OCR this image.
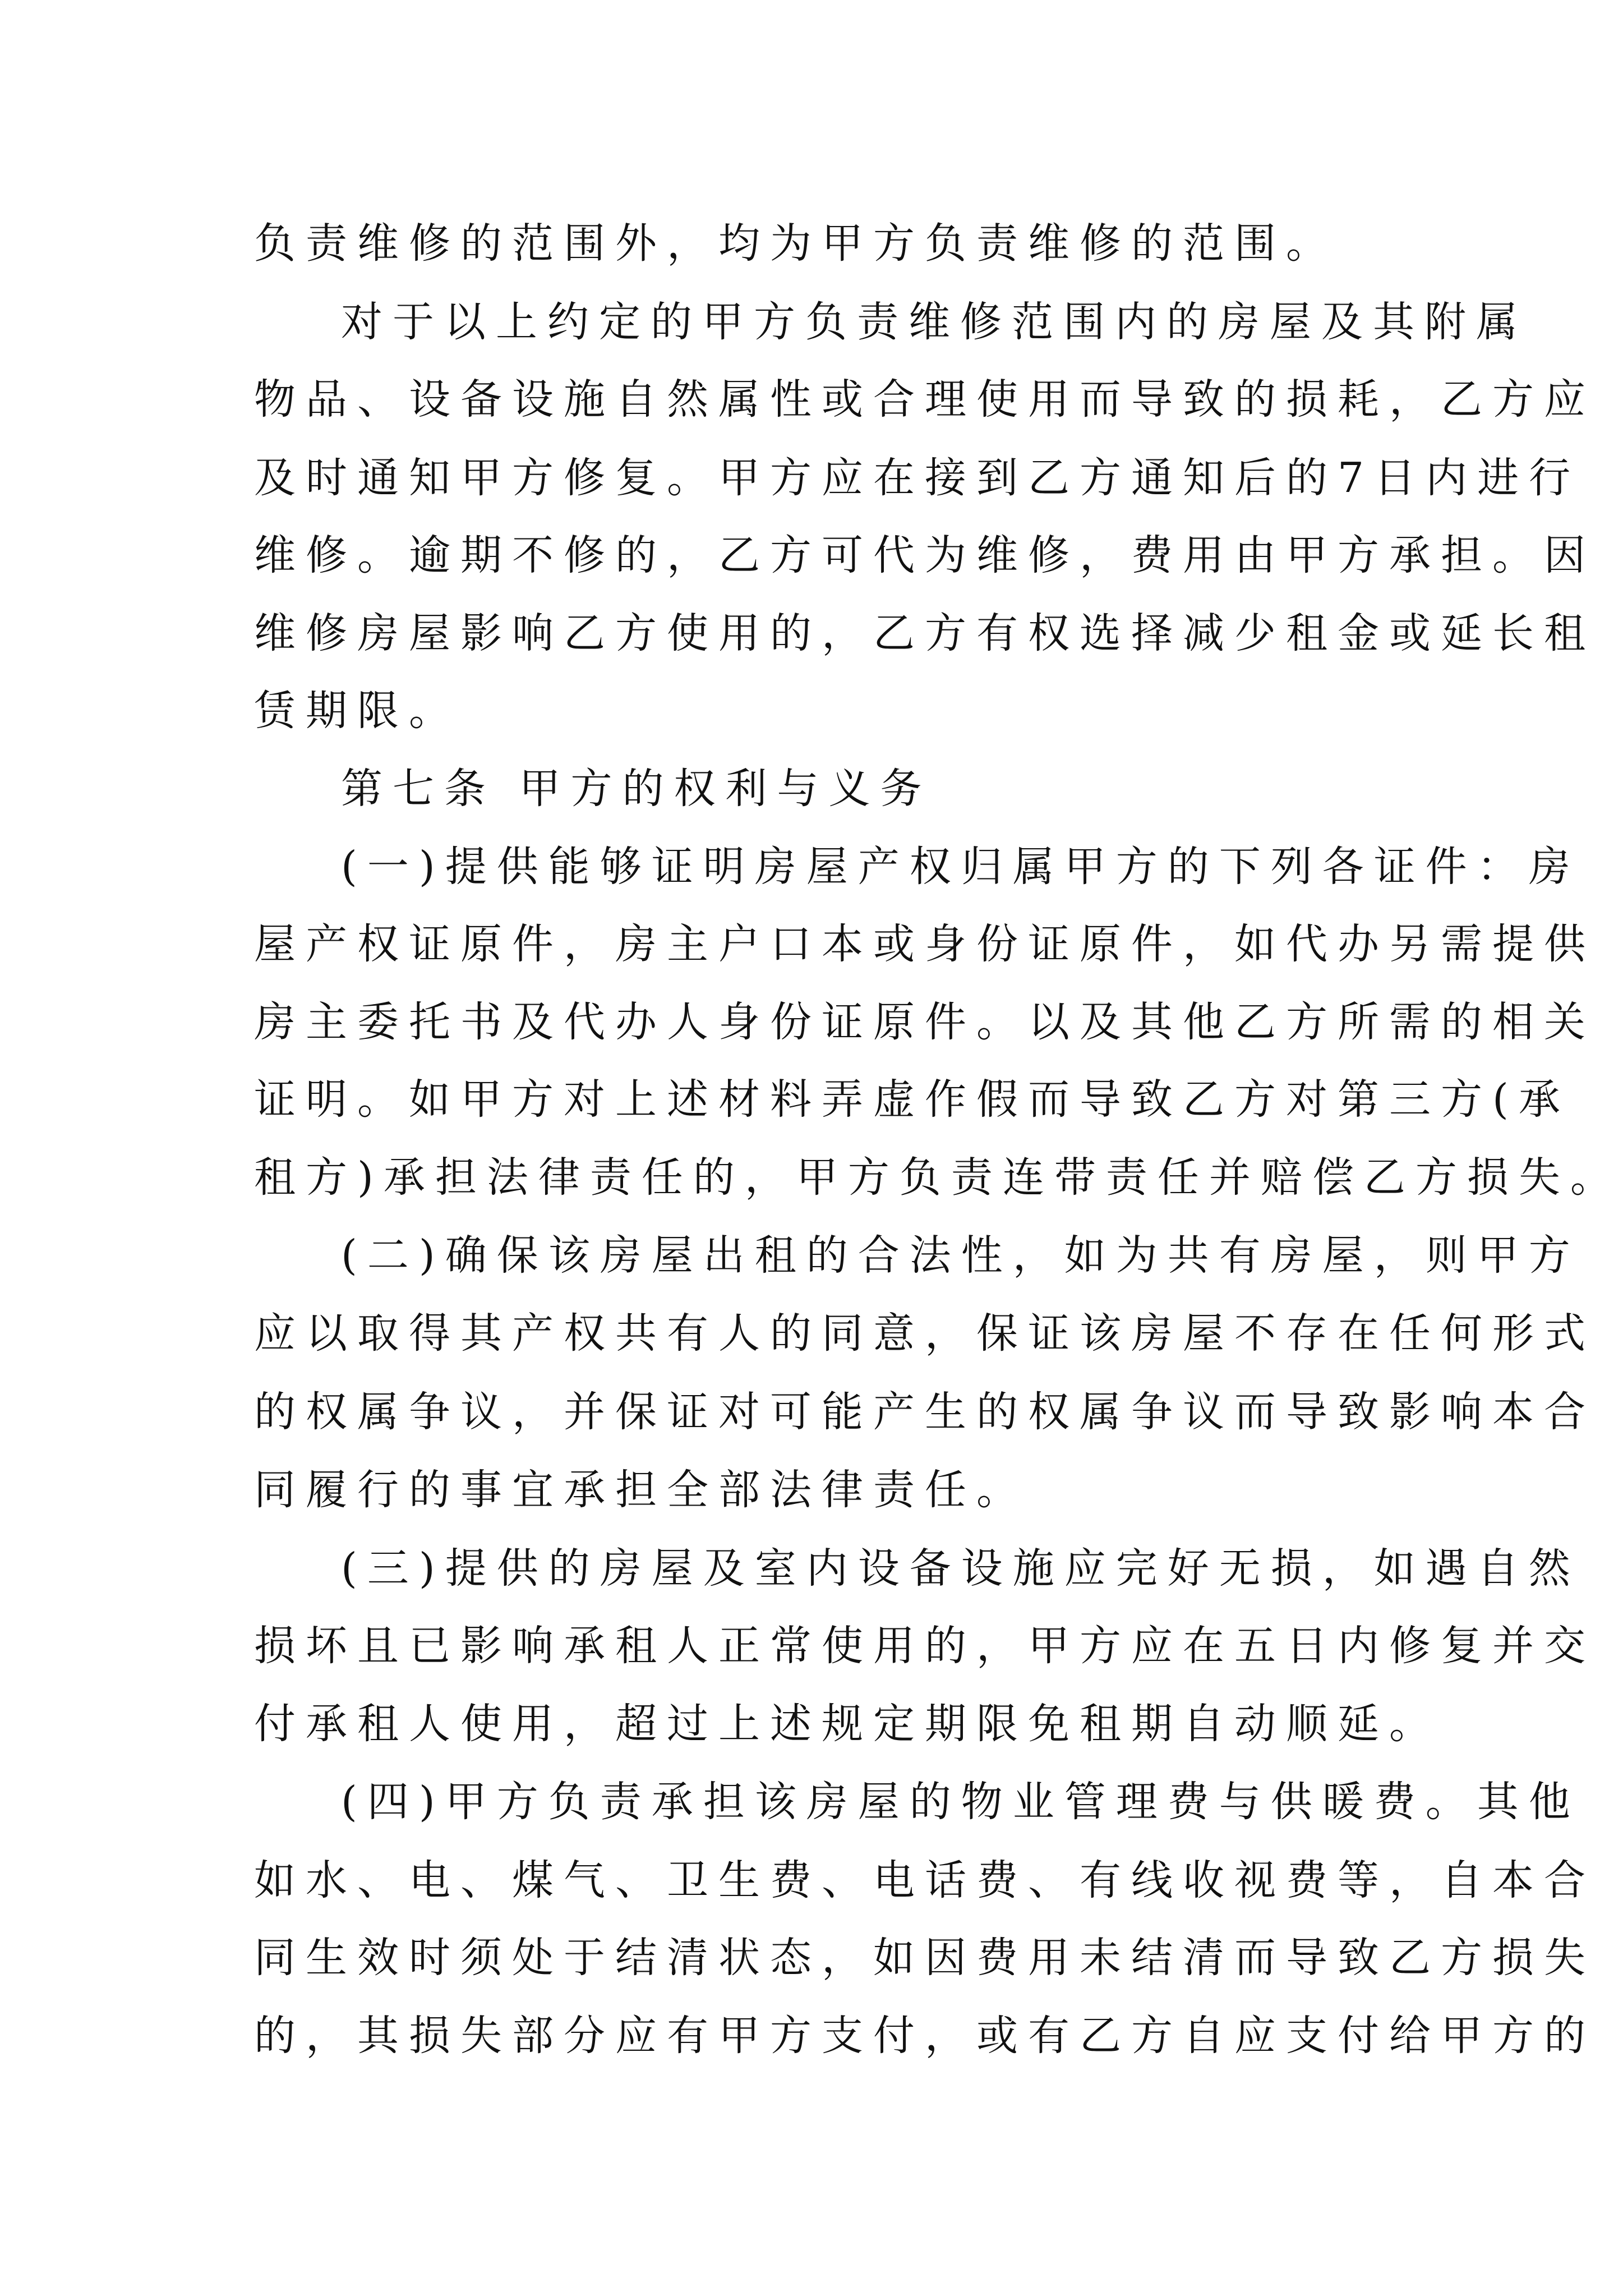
负责维修的范围外，均为甲方负责维修的范围。
对于以上约定的甲方负责维修范围内的房屋及其附属
物品、设备设施自然属性或合理使用而导致的损耗，乙方应
及时通知甲方修复。甲方应在接到乙方通知后的7日内进行
维修。逾期不修的，乙方可代为维修，费用由甲方承担。因
维修房屋影响乙方使用的，乙方有权选择减少租金或延长租
赁期限。
第七条 甲方的权利与义务
(一)提供能够证明房屋产权归属甲方的下列各证件：房
屋产权证原件，房主户口本或身份证原件，如代办另需提供
房主委托书及代办人身份证原件。以及其他乙方所需的相关
证明。如甲方对上述材料弄虚作假而导致乙方对第三方(承
租方)承担法律责任的，甲方负责连带责任并赔偿乙方损失。
(二)确保该房屋出租的合法性，如为共有房屋，则甲方
应以取得其产权共有人的同意，保证该房屋不存在任何形式
的权属争议，并保证对可能产生的权属争议而导致影响本合
同履行的事宜承担全部法律责任。
(三)提供的房屋及室内设备设施应完好无损，如遇自然
损坏且已影响承租人正常使用的，甲方应在五日内修复并交
付承租人使用，超过上述规定期限免租期自动顺延。
(四)甲方负责承担该房屋的物业管理费与供暖费。其他
如水、电、煤气、卫生费、电话费、有线收视费等，自本合
同生效时须处于结清状态，如因费用未结清而导致乙方损失
的，其损失部分应有甲方支付，或有乙方自应支付给甲方的
